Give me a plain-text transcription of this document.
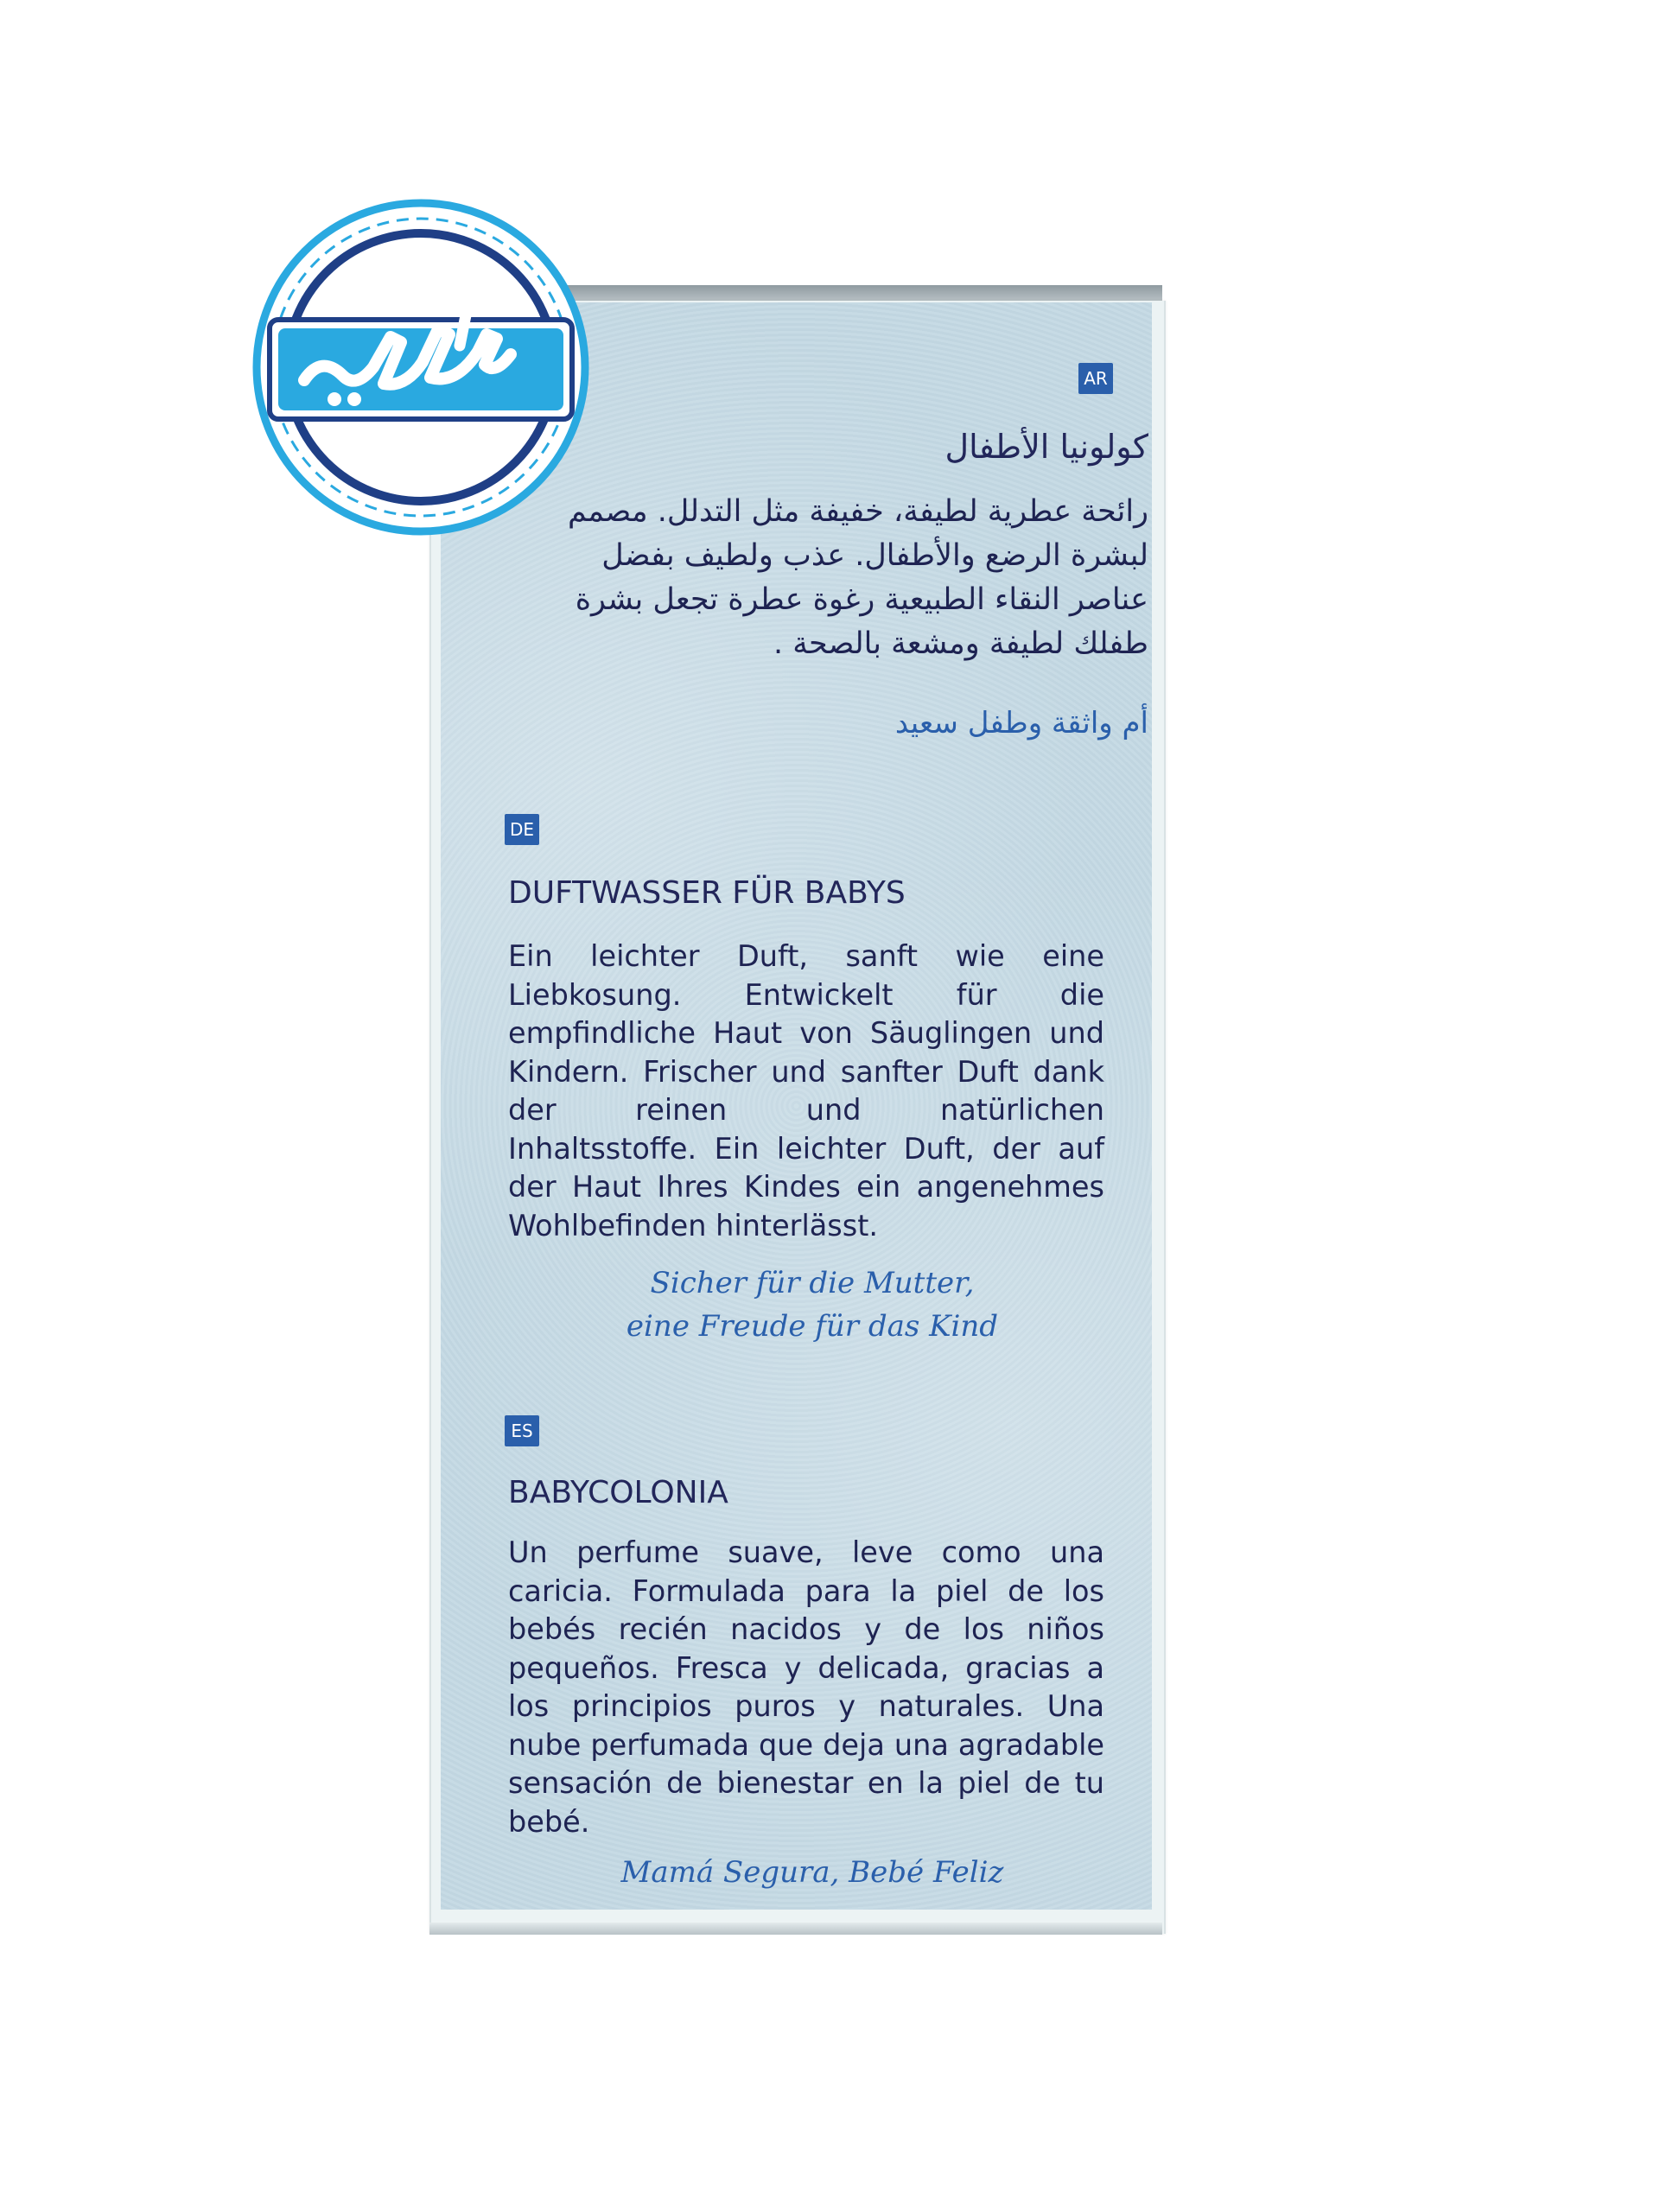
AR
كولونيا الأطفال
رائحة عطرية لطيفة، خفيفة مثل التدلل. مصمم
لبشرة الرضع والأطفال. عذب ولطيف بفضل
عناصر النقاء الطبيعية رغوة عطرة تجعل بشرة
طفلك لطيفة ومشعة بالصحة .
أم واثقة وطفل سعيد
DE
DUFTWASSER FÜR BABYS
Ein leichter Duft, sanft wie eine
Liebkosung. Entwickelt für die
empfindliche Haut von Säuglingen und
Kindern. Frischer und sanfter Duft dank
der reinen und natürlichen
Inhaltsstoffe. Ein leichter Duft, der auf
der Haut Ihres Kindes ein angenehmes
Wohlbefinden hinterlässt.
Sicher für die Mutter,
eine Freude für das Kind
ES
BABYCOLONIA
Un perfume suave, leve como una
caricia. Formulada para la piel de los
bebés recién nacidos y de los niños
pequeños. Fresca y delicada, gracias a
los principios puros y naturales. Una
nube perfumada que deja una agradable
sensación de bienestar en la piel de tu
bebé.
Mamá Segura, Bebé Feliz
